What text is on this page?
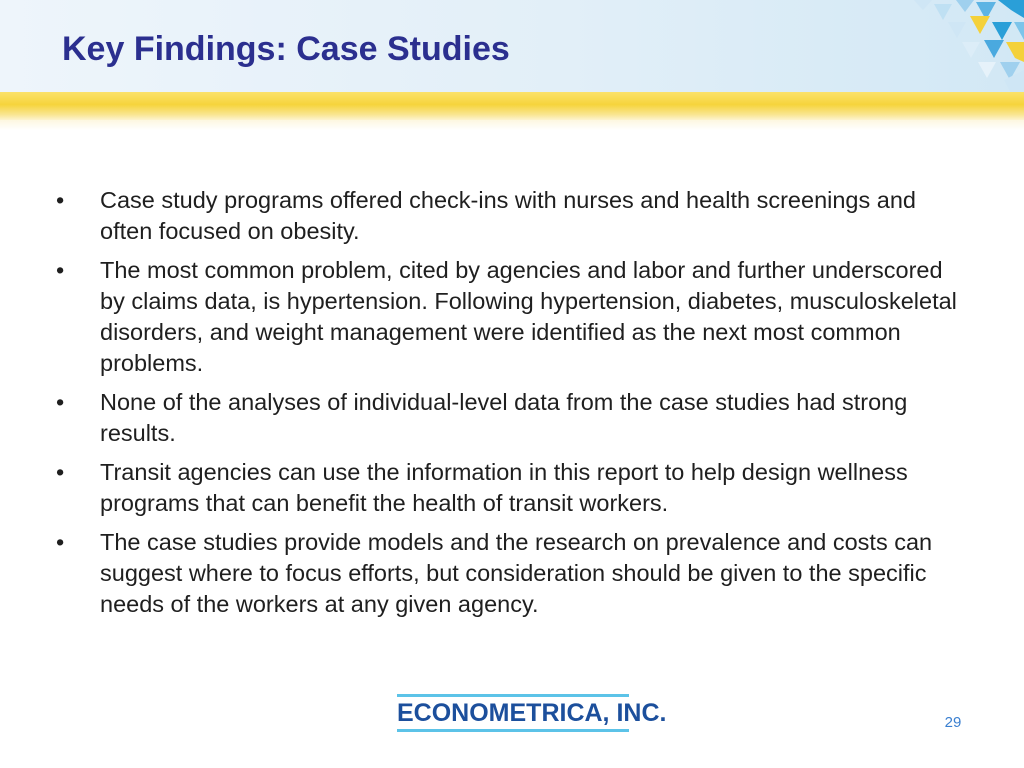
Key Findings: Case Studies
•	Case study programs offered check-ins with nurses and health screenings and often focused on obesity.
•	The most common problem, cited by agencies and labor and further underscored by claims data, is hypertension. Following hypertension, diabetes, musculoskeletal disorders, and weight management were identified as the next most common problems.
•	None of the analyses of individual-level data from the case studies had strong results.
•	Transit agencies can use the information in this report to help design wellness programs that can benefit the health of transit workers.
•	The case studies provide models and the research on prevalence and costs can suggest where to focus efforts, but consideration should be given to the specific needs of the workers at any given agency.
ECONOMETRICA, INC.	29
